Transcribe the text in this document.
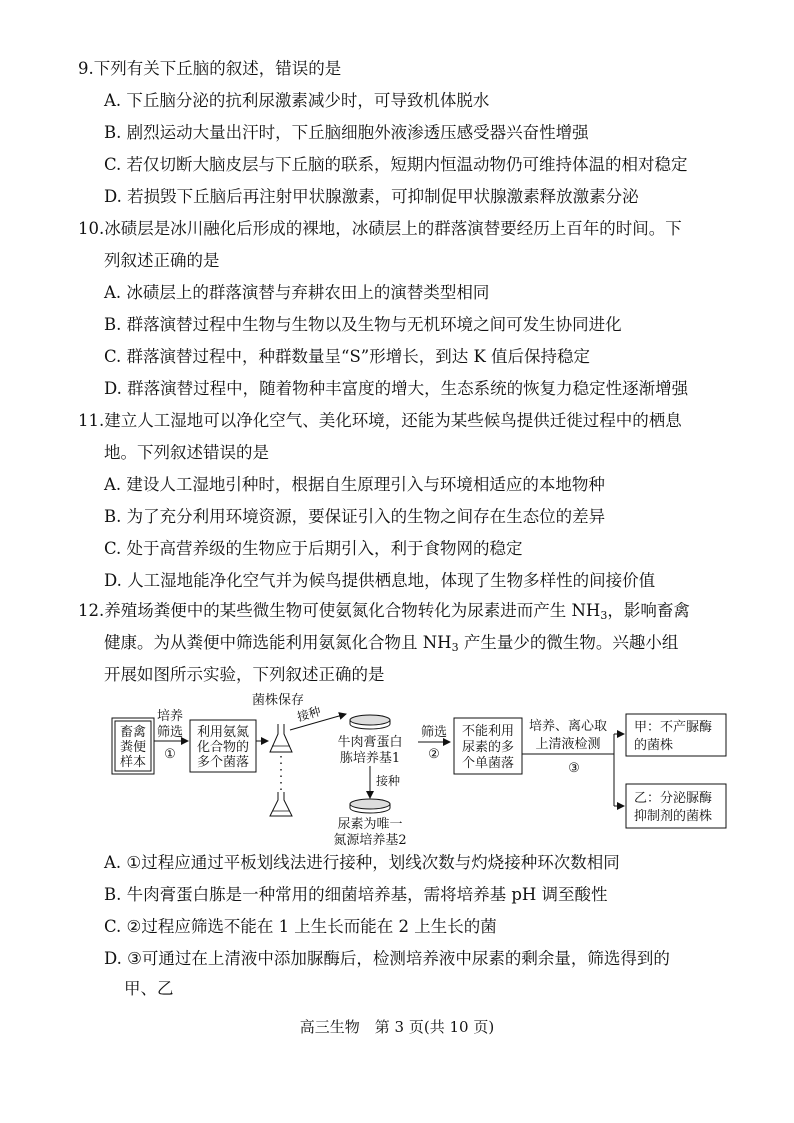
9.下列有关下丘脑的叙述，错误的是
A. 下丘脑分泌的抗利尿激素减少时，可导致机体脱水
B. 剧烈运动大量出汗时，下丘脑细胞外液渗透压感受器兴奋性增强
C. 若仅切断大脑皮层与下丘脑的联系，短期内恒温动物仍可维持体温的相对稳定
D. 若损毁下丘脑后再注射甲状腺激素，可抑制促甲状腺激素释放激素分泌
10.冰碛层是冰川融化后形成的裸地，冰碛层上的群落演替要经历上百年的时间。下
列叙述正确的是
A. 冰碛层上的群落演替与弃耕农田上的演替类型相同
B. 群落演替过程中生物与生物以及生物与无机环境之间可发生协同进化
C. 群落演替过程中，种群数量呈“S”形增长，到达 K 值后保持稳定
D. 群落演替过程中，随着物种丰富度的增大，生态系统的恢复力稳定性逐渐增强
11.建立人工湿地可以净化空气、美化环境，还能为某些候鸟提供迁徙过程中的栖息
地。下列叙述错误的是
A. 建设人工湿地引种时，根据自生原理引入与环境相适应的本地物种
B. 为了充分利用环境资源，要保证引入的生物之间存在生态位的差异
C. 处于高营养级的生物应于后期引入，利于食物网的稳定
D. 人工湿地能净化空气并为候鸟提供栖息地，体现了生物多样性的间接价值
12.养殖场粪便中的某些微生物可使氨氮化合物转化为尿素进而产生 $NH_3$，影响畜禽
健康。为从粪便中筛选能利用氨氮化合物且 $NH_3$ 产生量少的微生物。兴趣小组
开展如图所示实验，下列叙述正确的是
畜禽
粪便
样本
培养
筛选
①
利用氨氮
化合物的
多个菌落
菌株保存
接种
牛肉膏蛋白
胨培养基1
接种
尿素为唯一
氮源培养基2
筛选
②
不能利用
尿素的多
个单菌落
培养、离心取
上清液检测
③
甲：不产脲酶
的菌株
乙：分泌脲酶
抑制剂的菌株
A. ①过程应通过平板划线法进行接种，划线次数与灼烧接种环次数相同
B. 牛肉膏蛋白胨是一种常用的细菌培养基，需将培养基 pH 调至酸性
C. ②过程应筛选不能在 1 上生长而能在 2 上生长的菌
D. ③可通过在上清液中添加脲酶后，检测培养液中尿素的剩余量，筛选得到的
甲、乙
高三生物　第 3 页(共 10 页)
